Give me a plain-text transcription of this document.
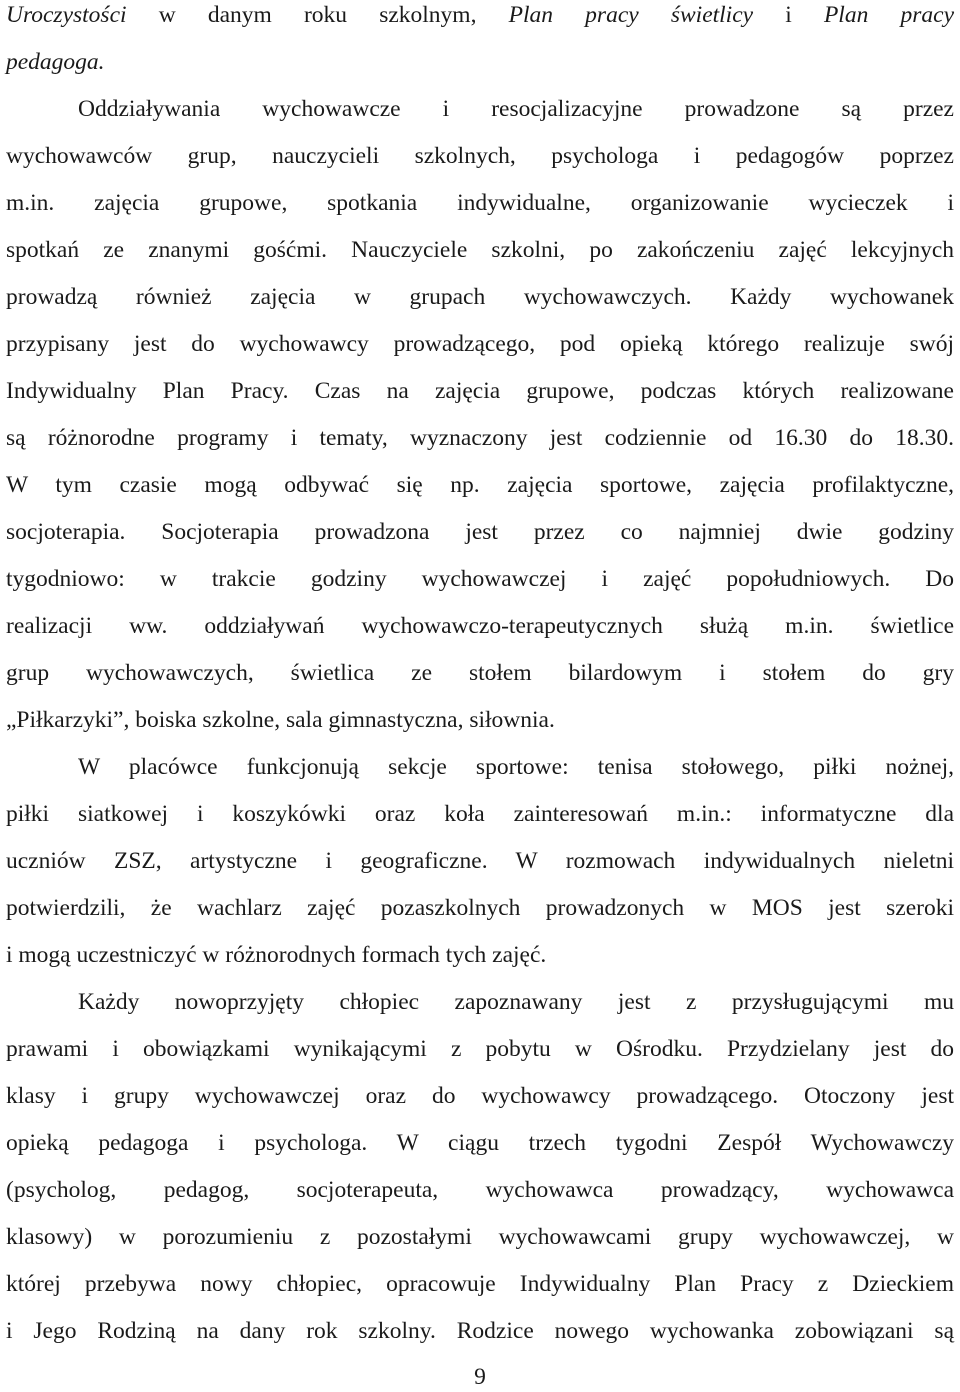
Uroczystości w danym roku szkolnym, Plan pracy świetlicy i Plan pracy
pedagoga.
Oddziaływania wychowawcze i resocjalizacyjne prowadzone są przez
wychowawców grup, nauczycieli szkolnych, psychologa i pedagogów poprzez
m.in. zajęcia grupowe, spotkania indywidualne, organizowanie wycieczek i
spotkań ze znanymi gośćmi. Nauczyciele szkolni, po zakończeniu zajęć lekcyjnych
prowadzą również zajęcia w grupach wychowawczych. Każdy wychowanek
przypisany jest do wychowawcy prowadzącego, pod opieką którego realizuje swój
Indywidualny Plan Pracy. Czas na zajęcia grupowe, podczas których realizowane
są różnorodne programy i tematy, wyznaczony jest codziennie od 16.30 do 18.30.
W tym czasie mogą odbywać się np. zajęcia sportowe, zajęcia profilaktyczne,
socjoterapia. Socjoterapia prowadzona jest przez co najmniej dwie godziny
tygodniowo: w trakcie godziny wychowawczej i zajęć popołudniowych. Do
realizacji ww. oddziaływań wychowawczo-terapeutycznych służą m.in. świetlice
grup wychowawczych, świetlica ze stołem bilardowym i stołem do gry
„Piłkarzyki”, boiska szkolne, sala gimnastyczna, siłownia.
W placówce funkcjonują sekcje sportowe: tenisa stołowego, piłki nożnej,
piłki siatkowej i koszykówki oraz koła zainteresowań m.in.: informatyczne dla
uczniów ZSZ, artystyczne i geograficzne. W rozmowach indywidualnych nieletni
potwierdzili, że wachlarz zajęć pozaszkolnych prowadzonych w MOS jest szeroki
i mogą uczestniczyć w różnorodnych formach tych zajęć.
Każdy nowoprzyjęty chłopiec zapoznawany jest z przysługującymi mu
prawami i obowiązkami wynikającymi z pobytu w Ośrodku. Przydzielany jest do
klasy i grupy wychowawczej oraz do wychowawcy prowadzącego. Otoczony jest
opieką pedagoga i psychologa. W ciągu trzech tygodni Zespół Wychowawczy
(psycholog, pedagog, socjoterapeuta, wychowawca prowadzący, wychowawca
klasowy) w porozumieniu z pozostałymi wychowawcami grupy wychowawczej, w
której przebywa nowy chłopiec, opracowuje Indywidualny Plan Pracy z Dzieckiem
i Jego Rodziną na dany rok szkolny. Rodzice nowego wychowanka zobowiązani są
9
